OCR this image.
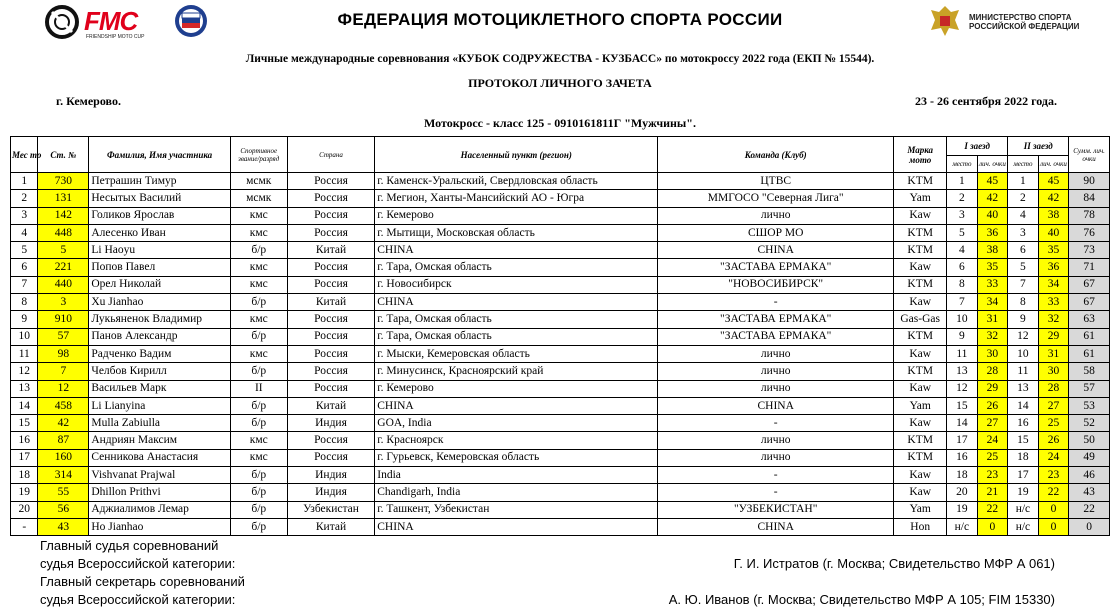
FMC
FRIENDSHIP MOTO CUP
ФЕДЕРАЦИЯ МОТОЦИКЛЕТНОГО СПОРТА РОССИИ	МИНИСТЕРСТВО СПОРТА
РОССИЙСКОЙ ФЕДЕРАЦИИ
Личные международные соревнования «КУБОК СОДРУЖЕСТВА - КУЗБАСС» по мотокроссу 2022 года (ЕКП № 15544).
ПРОТОКОЛ ЛИЧНОГО ЗАЧЕТА
г. Кемерово.	23 - 26 сентября 2022 года.
Мотокросс - класс 125 - 0910161811Г "Мужчины".
Мес то	Ст. №	Фамилия, Имя участника	Спортивное звание/разряд	Страна	Населенный пункт (регион)	Команда (Клуб)	Марка мото	I заезд		II заезд		Сумм. лич. очки
								место	лич. очки	место	лич. очки	
1	730	Петрашин Тимур	мсмк	Россия	г. Каменск-Уральский, Свердловская область	ЦТВС	KTM	1	45	1	45	90
2	131	Несытых Василий	мсмк	Россия	г. Мегион, Ханты-Мансийский АО - Югра	ММГОСО "Северная Лига"	Yam	2	42	2	42	84
3	142	Голиков Ярослав	кмс	Россия	г. Кемерово	лично	Kaw	3	40	4	38	78
4	448	Алесенко Иван	кмс	Россия	г. Мытищи, Московская область	СШОР МО	KTM	5	36	3	40	76
5	5	Li Haoyu	б/р	Китай	CHINA	CHINA	KTM	4	38	6	35	73
6	221	Попов Павел	кмс	Россия	г. Тара, Омская область	"ЗАСТАВА ЕРМАКА"	Kaw	6	35	5	36	71
7	440	Орел Николай	кмс	Россия	г. Новосибирск	"НОВОСИБИРСК"	KTM	8	33	7	34	67
8	3	Xu Jianhao	б/р	Китай	CHINA	-	Kaw	7	34	8	33	67
9	910	Лукьяненок Владимир	кмс	Россия	г. Тара, Омская область	"ЗАСТАВА ЕРМАКА"	Gas-Gas	10	31	9	32	63
10	57	Панов Александр	б/р	Россия	г. Тара, Омская область	"ЗАСТАВА ЕРМАКА"	KTM	9	32	12	29	61
11	98	Радченко Вадим	кмс	Россия	г. Мыски, Кемеровская область	лично	Kaw	11	30	10	31	61
12	7	Челбов Кирилл	б/р	Россия	г. Минусинск, Красноярский край	лично	KTM	13	28	11	30	58
13	12	Васильев Марк	II	Россия	г. Кемерово	лично	Kaw	12	29	13	28	57
14	458	Li Lianyina	б/р	Китай	CHINA	CHINA	Yam	15	26	14	27	53
15	42	Mulla Zabiulla	б/р	Индия	GOA, India	-	Kaw	14	27	16	25	52
16	87	Андриян Максим	кмс	Россия	г. Красноярск	лично	KTM	17	24	15	26	50
17	160	Сенникова Анастасия	кмс	Россия	г. Гурьевск, Кемеровская область	лично	KTM	16	25	18	24	49
18	314	Vishvanat Prajwal	б/р	Индия	India	-	Kaw	18	23	17	23	46
19	55	Dhillon Prithvi	б/р	Индия	Chandigarh, India	-	Kaw	20	21	19	22	43
20	56	Аджиалимов Лемар	б/р	Узбекистан	г. Ташкент, Узбекистан	"УЗБЕКИСТАН"	Yam	19	22	н/с	0	22
-	43	Ho Jianhao	б/р	Китай	CHINA	CHINA	Hon	н/с	0	н/с	0	0
Главный судья соревнований
судья Всероссийской категории:	Г. И. Истратов (г. Москва; Свидетельство МФР А 061)
Главный секретарь соревнований
судья Всероссийской категории:	А. Ю. Иванов (г. Москва; Свидетельство МФР А 105; FIM 15330)
